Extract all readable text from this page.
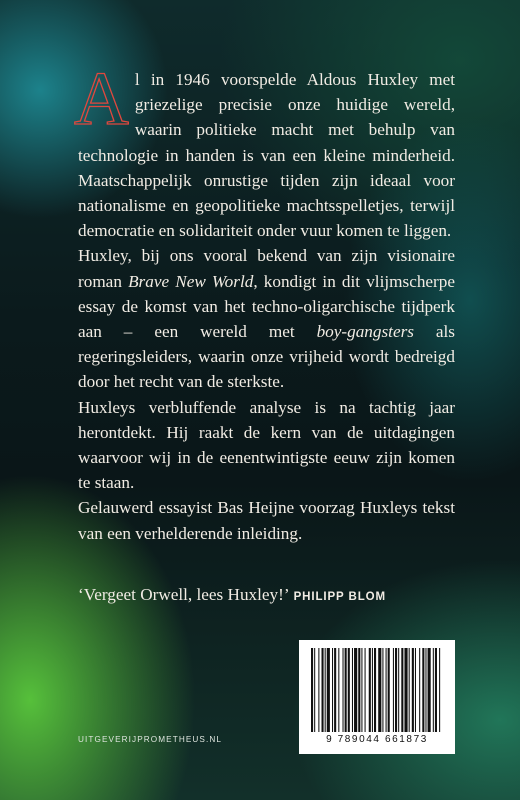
Al in 1946 voorspelde Aldous Huxley met griezelige precisie onze huidige wereld, waarin politieke macht met behulp van technologie in handen is van een kleine minderheid. Maatschappelijk onrustige tijden zijn ideaal voor nationalisme en geopolitieke machtsspelletjes, terwijl democratie en solidariteit onder vuur komen te liggen.

Huxley, bij ons vooral bekend van zijn visionaire roman Brave New World, kondigt in dit vlijmscherpe essay de komst van het techno-oligarchische tijdperk aan – een wereld met boy-gangsters als regeringsleiders, waarin onze vrijheid wordt bedreigd door het recht van de sterkste.

Huxleys verbluffende analyse is na tachtig jaar herontdekt. Hij raakt de kern van de uitdagingen waarvoor wij in de eenentwintigste eeuw zijn komen te staan.

Gelauwerd essayist Bas Heijne voorzag Huxleys tekst van een verhelderende inleiding.

‘Vergeet Orwell, lees Huxley!’ PHILIPP BLOM
UITGEVERIJPROMETHEUS.NL	9 789044 661873
